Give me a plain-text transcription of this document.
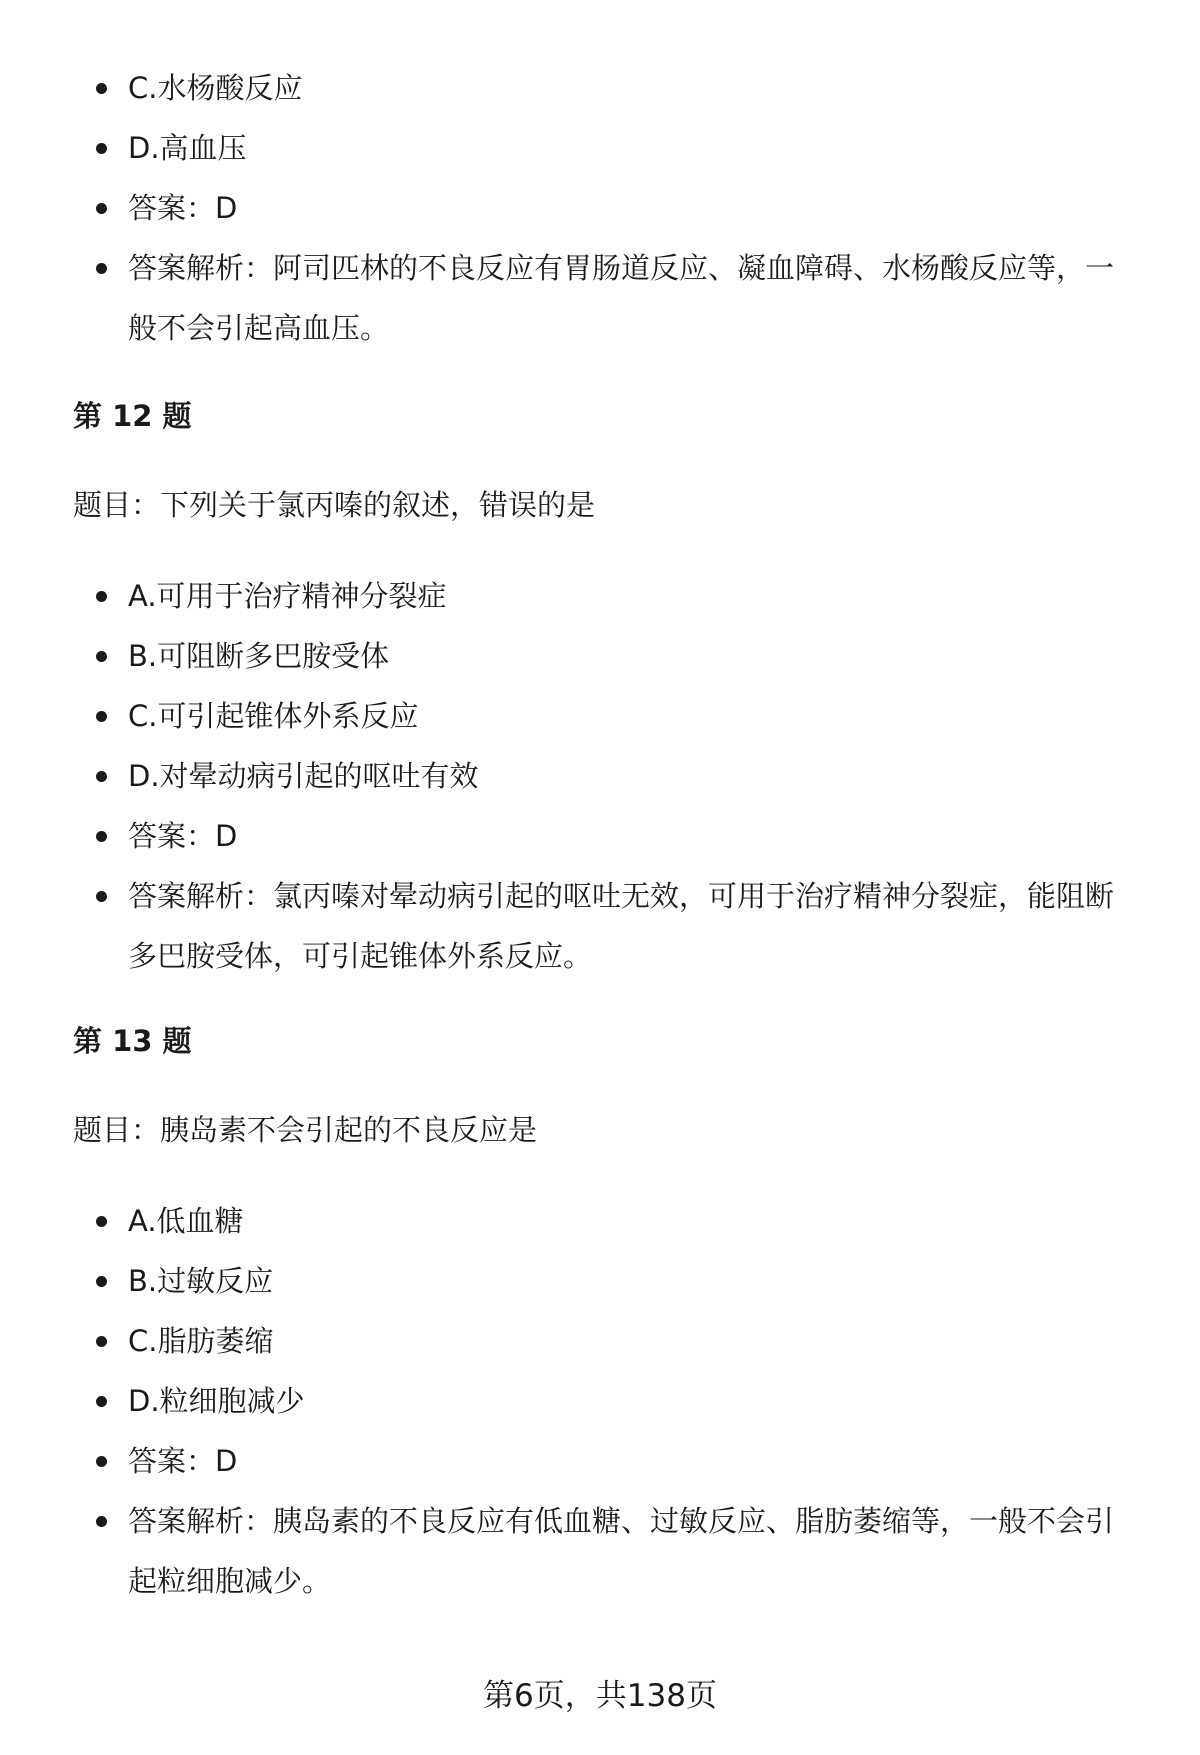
C.水杨酸反应
D.高血压
答案：D
答案解析：阿司匹林的不良反应有胃肠道反应、凝血障碍、水杨酸反应等，一般不会引起高血压。
第 12 题
题目：下列关于氯丙嗪的叙述，错误的是
A.可用于治疗精神分裂症
B.可阻断多巴胺受体
C.可引起锥体外系反应
D.对晕动病引起的呕吐有效
答案：D
答案解析：氯丙嗪对晕动病引起的呕吐无效，可用于治疗精神分裂症，能阻断多巴胺受体，可引起锥体外系反应。
第 13 题
题目：胰岛素不会引起的不良反应是
A.低血糖
B.过敏反应
C.脂肪萎缩
D.粒细胞减少
答案：D
答案解析：胰岛素的不良反应有低血糖、过敏反应、脂肪萎缩等，一般不会引起粒细胞减少。
第6页，共138页
